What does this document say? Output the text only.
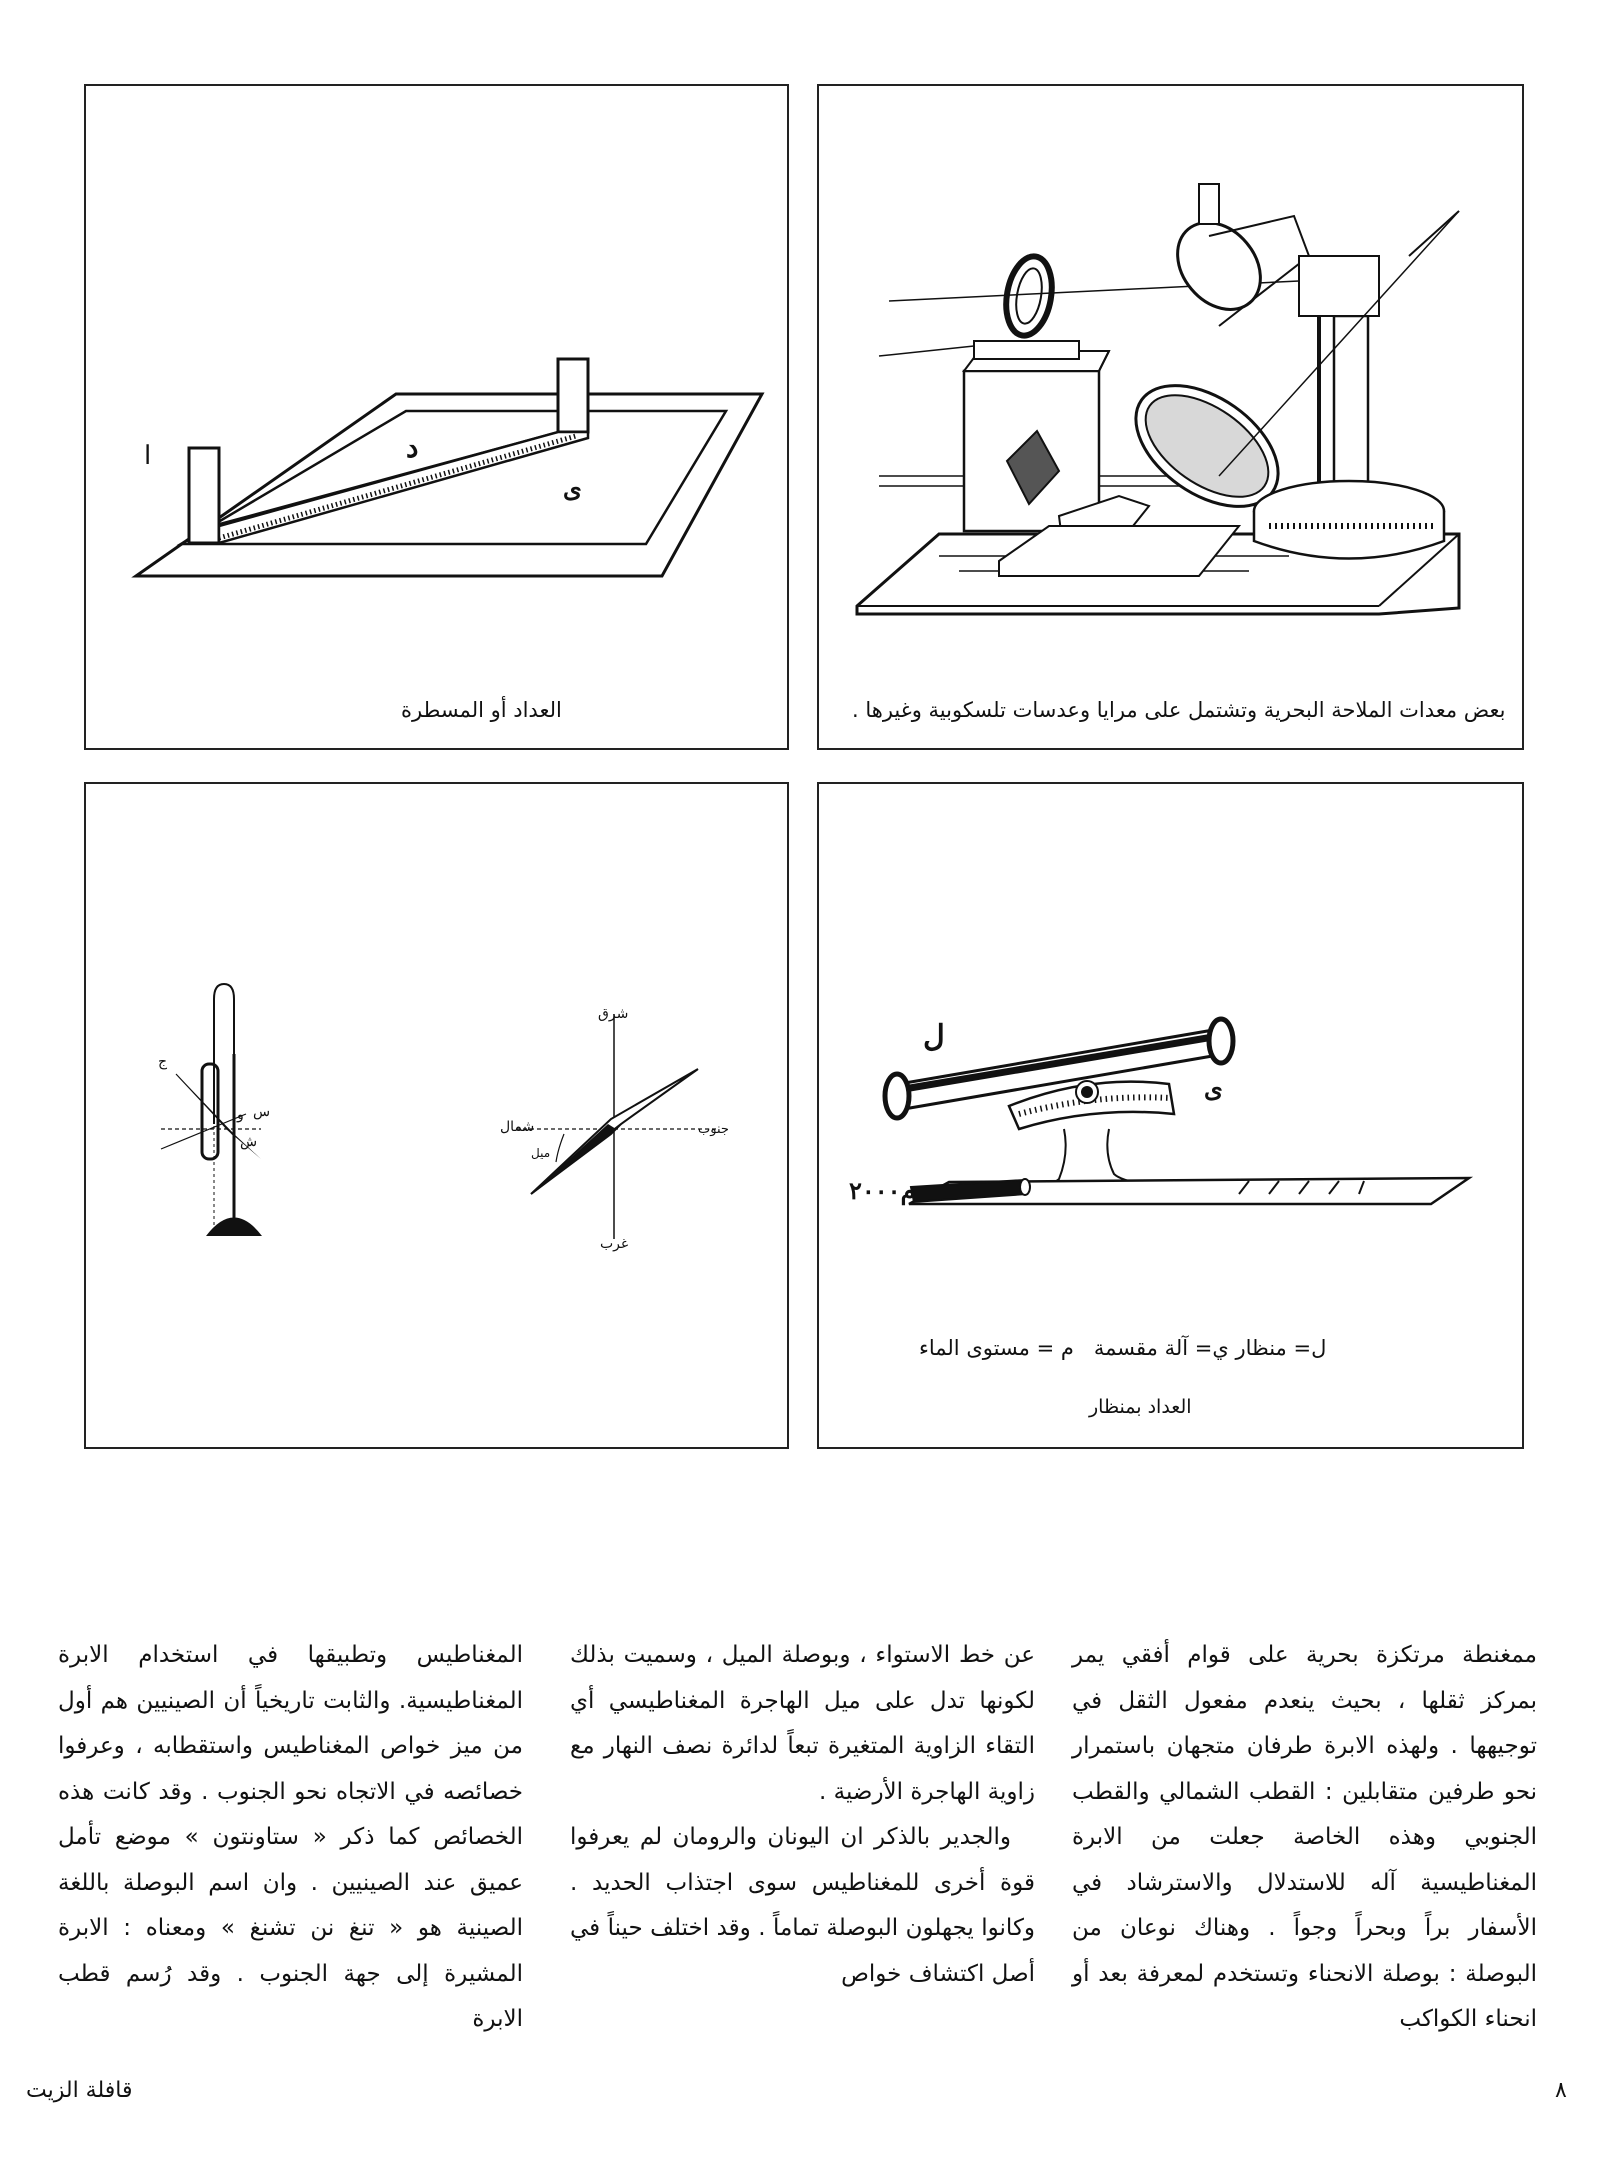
ا	د
ى
العداد أو المسطرة	بعض معدات الملاحة البحرية وتشتمل على مرايا وعدسات تلسكوبية وغيرها .
شرق
غرب
شمال	جنوب
ميل
ج
س
و
ش
ل
ى
م٢٠٠٠
ل= منظار ي= آلة مقسمة   م = مستوى الماء
العداد بمنظار

ممغنطة مرتكزة بحرية على قوام أفقي يمر بمركز ثقلها ، بحيث ينعدم مفعول الثقل في توجيهها . ولهذه الابرة طرفان متجهان باستمرار نحو طرفين متقابلين : القطب الشمالي والقطب الجنوبي وهذه الخاصة جعلت من الابرة المغناطيسية آله للاستدلال والاسترشاد في الأسفار براً وبحراً وجواً . وهناك نوعان من البوصلة : بوصلة الانحناء وتستخدم لمعرفة بعد أو انحناء الكواكب

عن خط الاستواء ، وبوصلة الميل ، وسميت بذلك لكونها تدل على ميل الهاجرة المغناطيسي أي التقاء الزاوية المتغيرة تبعاً لدائرة نصف النهار مع زاوية الهاجرة الأرضية .

والجدير بالذكر ان اليونان والرومان لم يعرفوا قوة أخرى للمغناطيس سوى اجتذاب الحديد . وكانوا يجهلون البوصلة تماماً . وقد اختلف حيناً في أصل اكتشاف خواص

المغناطيس وتطبيقها في استخدام الابرة المغناطيسية. والثابت تاريخياً أن الصينيين هم أول من ميز خواص المغناطيس واستقطابه ، وعرفوا خصائصه في الاتجاه نحو الجنوب . وقد كانت هذه الخصائص كما ذكر « ستاونتون » موضع تأمل عميق عند الصينيين . وان اسم البوصلة باللغة الصينية هو « تنغ نن تشنغ » ومعناه : الابرة المشيرة إلى جهة الجنوب . وقد رُسم قطب الابرة

٨
قافلة الزيت
